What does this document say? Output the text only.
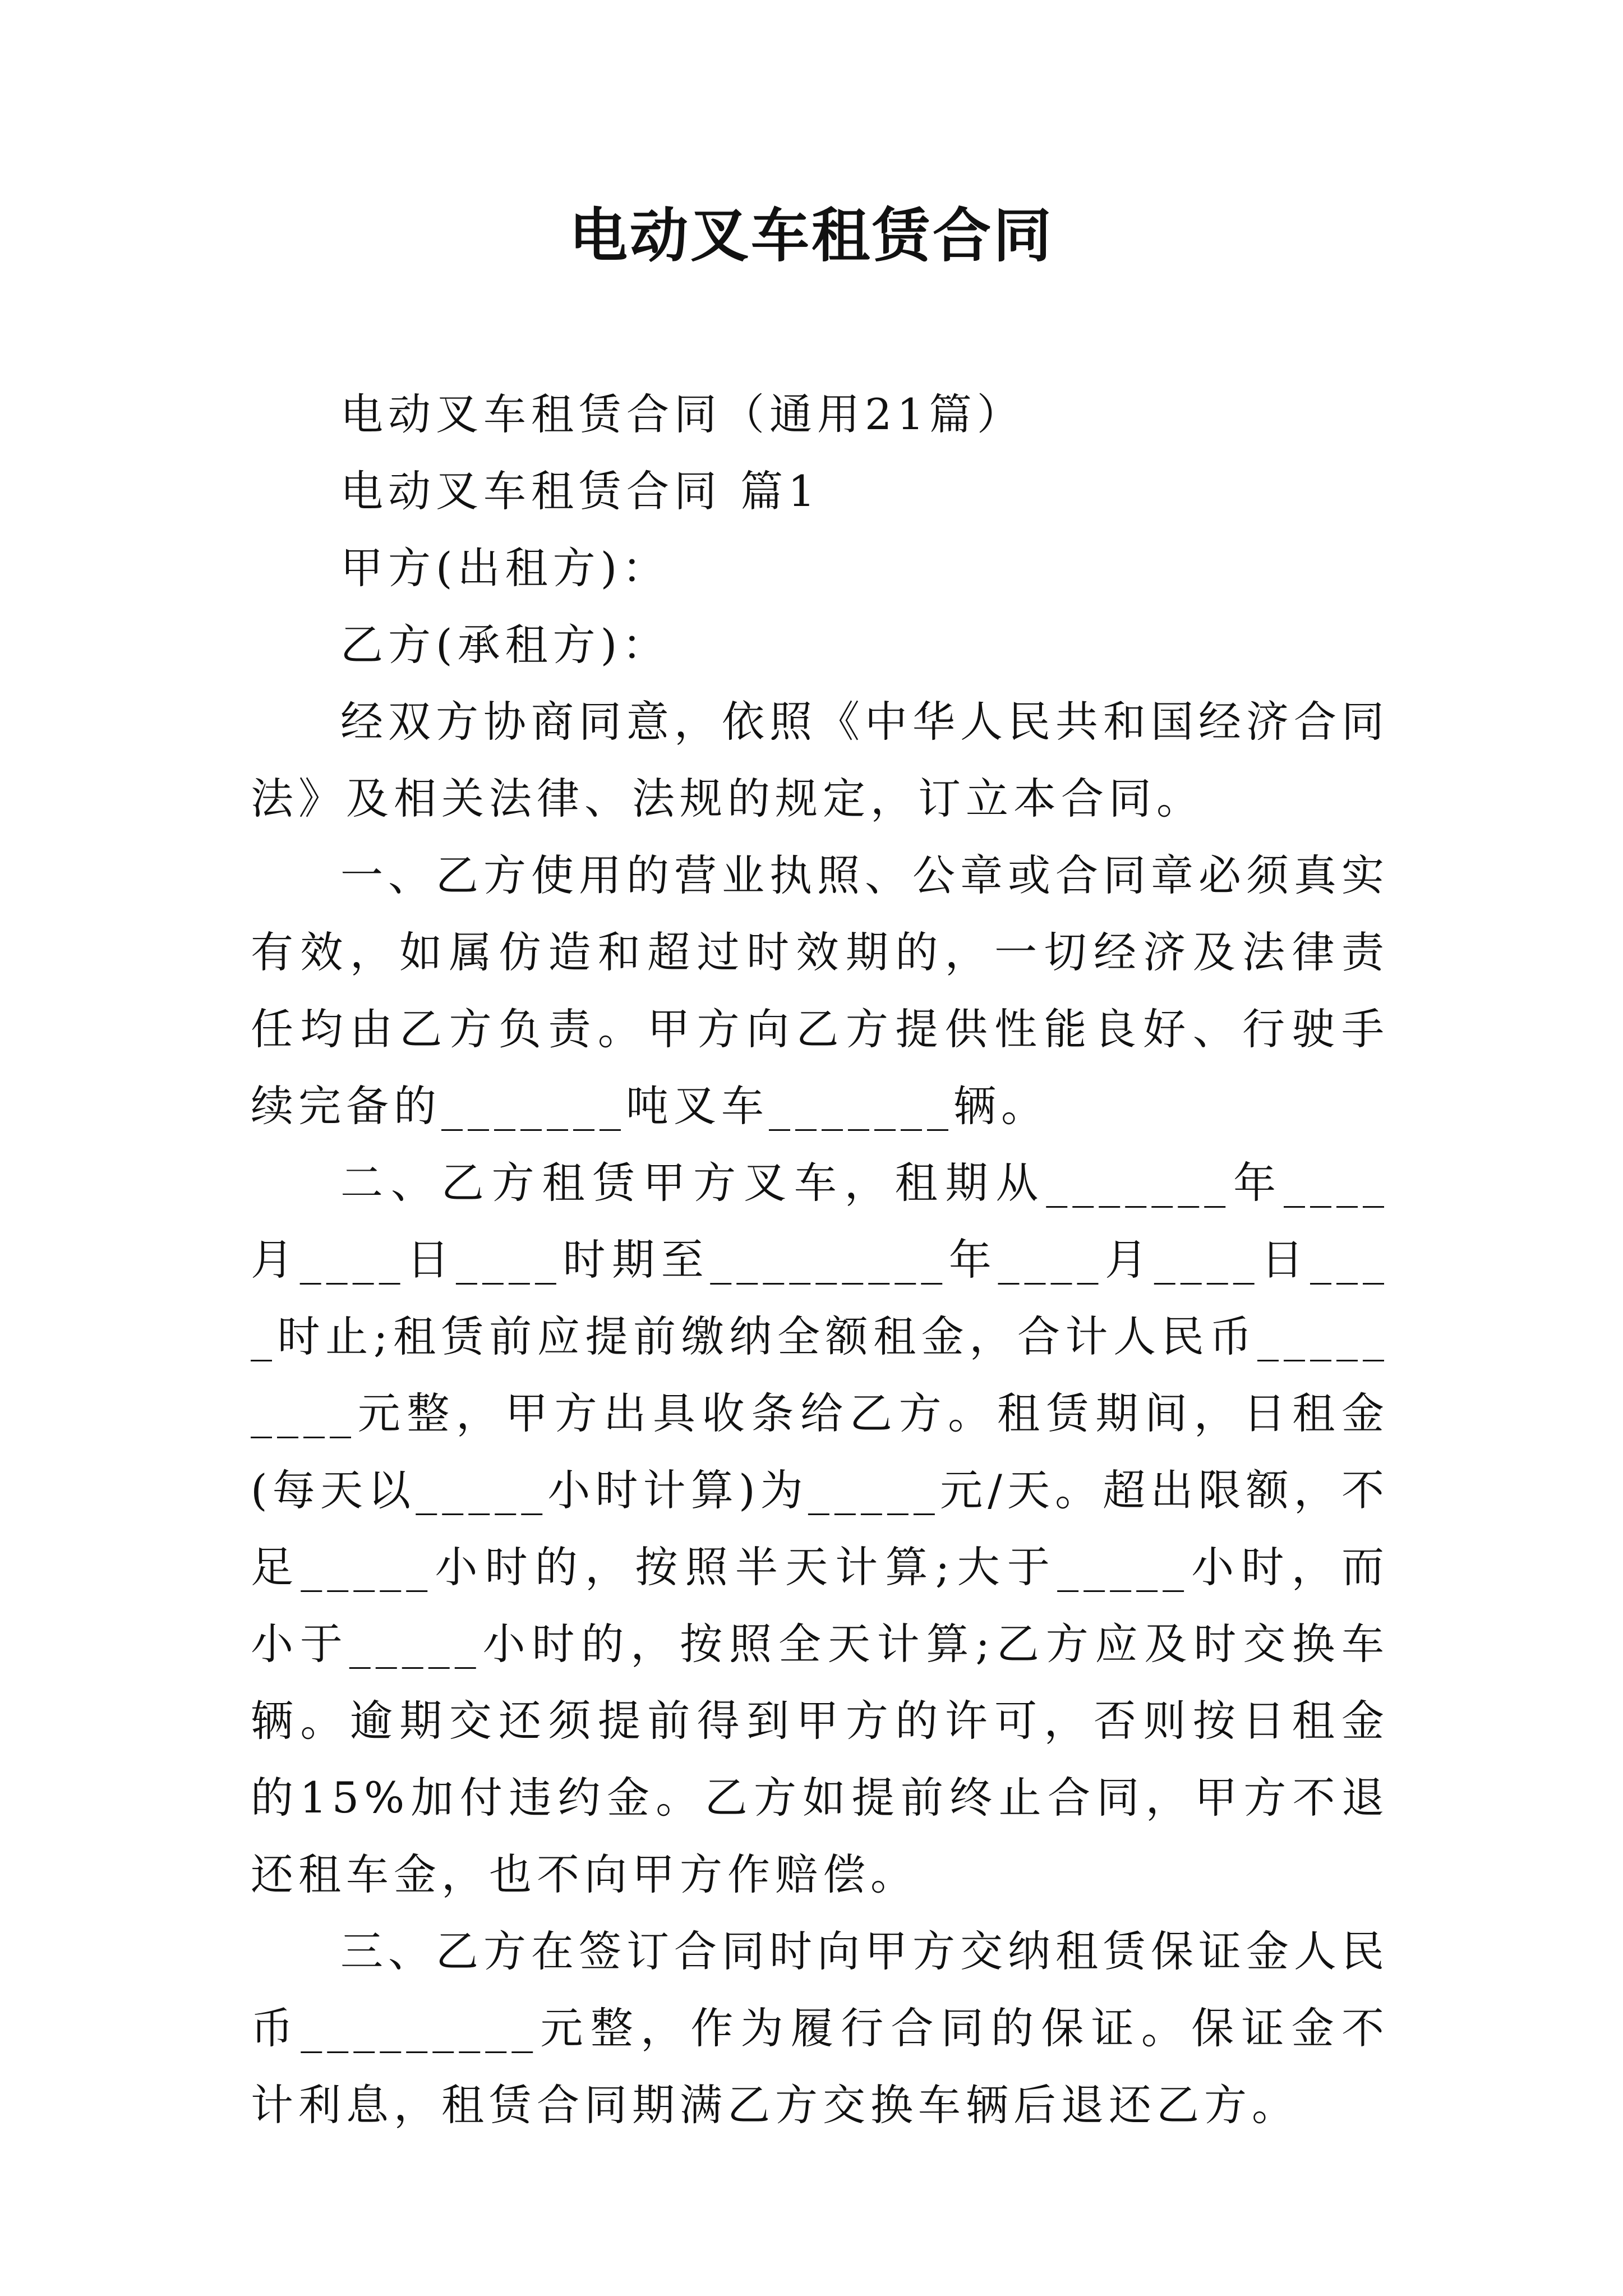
电动叉车租赁合同

电动叉车租赁合同（通用21篇）

电动叉车租赁合同 篇1

甲方(出租方)：

乙方(承租方)：

经双方协商同意，依照《中华人民共和国经济合同法》及相关法律、法规的规定，订立本合同。

一、乙方使用的营业执照、公章或合同章必须真实有效，如属仿造和超过时效期的，一切经济及法律责任均由乙方负责。甲方向乙方提供性能良好、行驶手续完备的_______吨叉车_______辆。

二、乙方租赁甲方叉车，租期从_______年____月____日____时期至_________年____月____日____时止;租赁前应提前缴纳全额租金，合计人民币_________元整，甲方出具收条给乙方。租赁期间，日租金(每天以_____小时计算)为_____元/天。超出限额，不足_____小时的，按照半天计算;大于_____小时，而小于_____小时的，按照全天计算;乙方应及时交换车辆。逾期交还须提前得到甲方的许可，否则按日租金的15%加付违约金。乙方如提前终止合同，甲方不退还租车金，也不向甲方作赔偿。

三、乙方在签订合同时向甲方交纳租赁保证金人民币_________元整，作为履行合同的保证。保证金不计利息，租赁合同期满乙方交换车辆后退还乙方。
